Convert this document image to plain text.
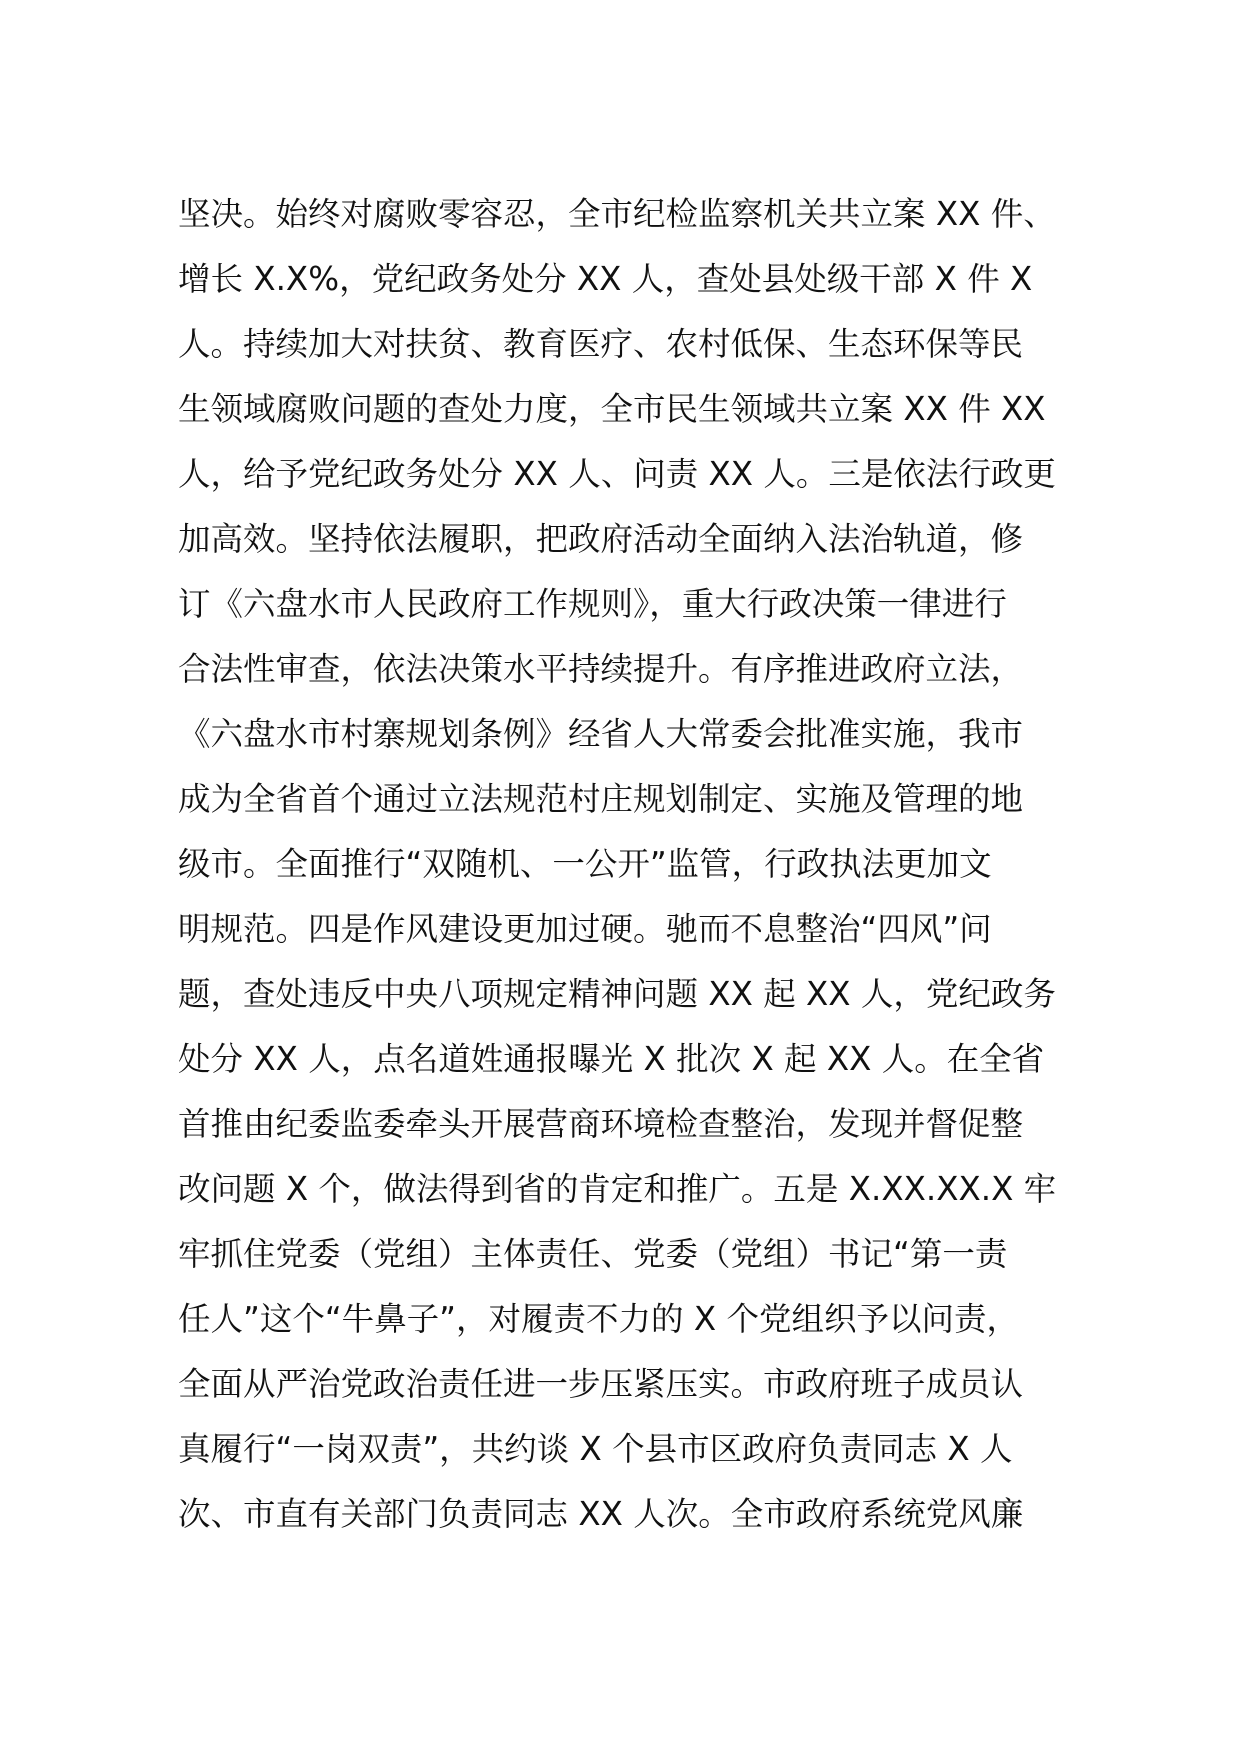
坚决。始终对腐败零容忍，全市纪检监察机关共立案 XX 件、
增长 X.X%，党纪政务处分 XX 人，查处县处级干部 X 件 X
人。持续加大对扶贫、教育医疗、农村低保、生态环保等民
生领域腐败问题的查处力度，全市民生领域共立案 XX 件 XX
人，给予党纪政务处分 XX 人、问责 XX 人。三是依法行政更
加高效。坚持依法履职，把政府活动全面纳入法治轨道，修
订《六盘水市人民政府工作规则》，重大行政决策一律进行
合法性审查，依法决策水平持续提升。有序推进政府立法，
《六盘水市村寨规划条例》经省人大常委会批准实施，我市
成为全省首个通过立法规范村庄规划制定、实施及管理的地
级市。全面推行“双随机、一公开”监管，行政执法更加文
明规范。四是作风建设更加过硬。驰而不息整治“四风”问
题，查处违反中央八项规定精神问题 XX 起 XX 人，党纪政务
处分 XX 人，点名道姓通报曝光 X 批次 X 起 XX 人。在全省
首推由纪委监委牵头开展营商环境检查整治，发现并督促整
改问题 X 个，做法得到省的肯定和推广。五是 X.XX.XX.X 牢
牢抓住党委（党组）主体责任、党委（党组）书记“第一责
任人”这个“牛鼻子”，对履责不力的 X 个党组织予以问责，
全面从严治党政治责任进一步压紧压实。市政府班子成员认
真履行“一岗双责”，共约谈 X 个县市区政府负责同志 X 人
次、市直有关部门负责同志 XX 人次。全市政府系统党风廉
